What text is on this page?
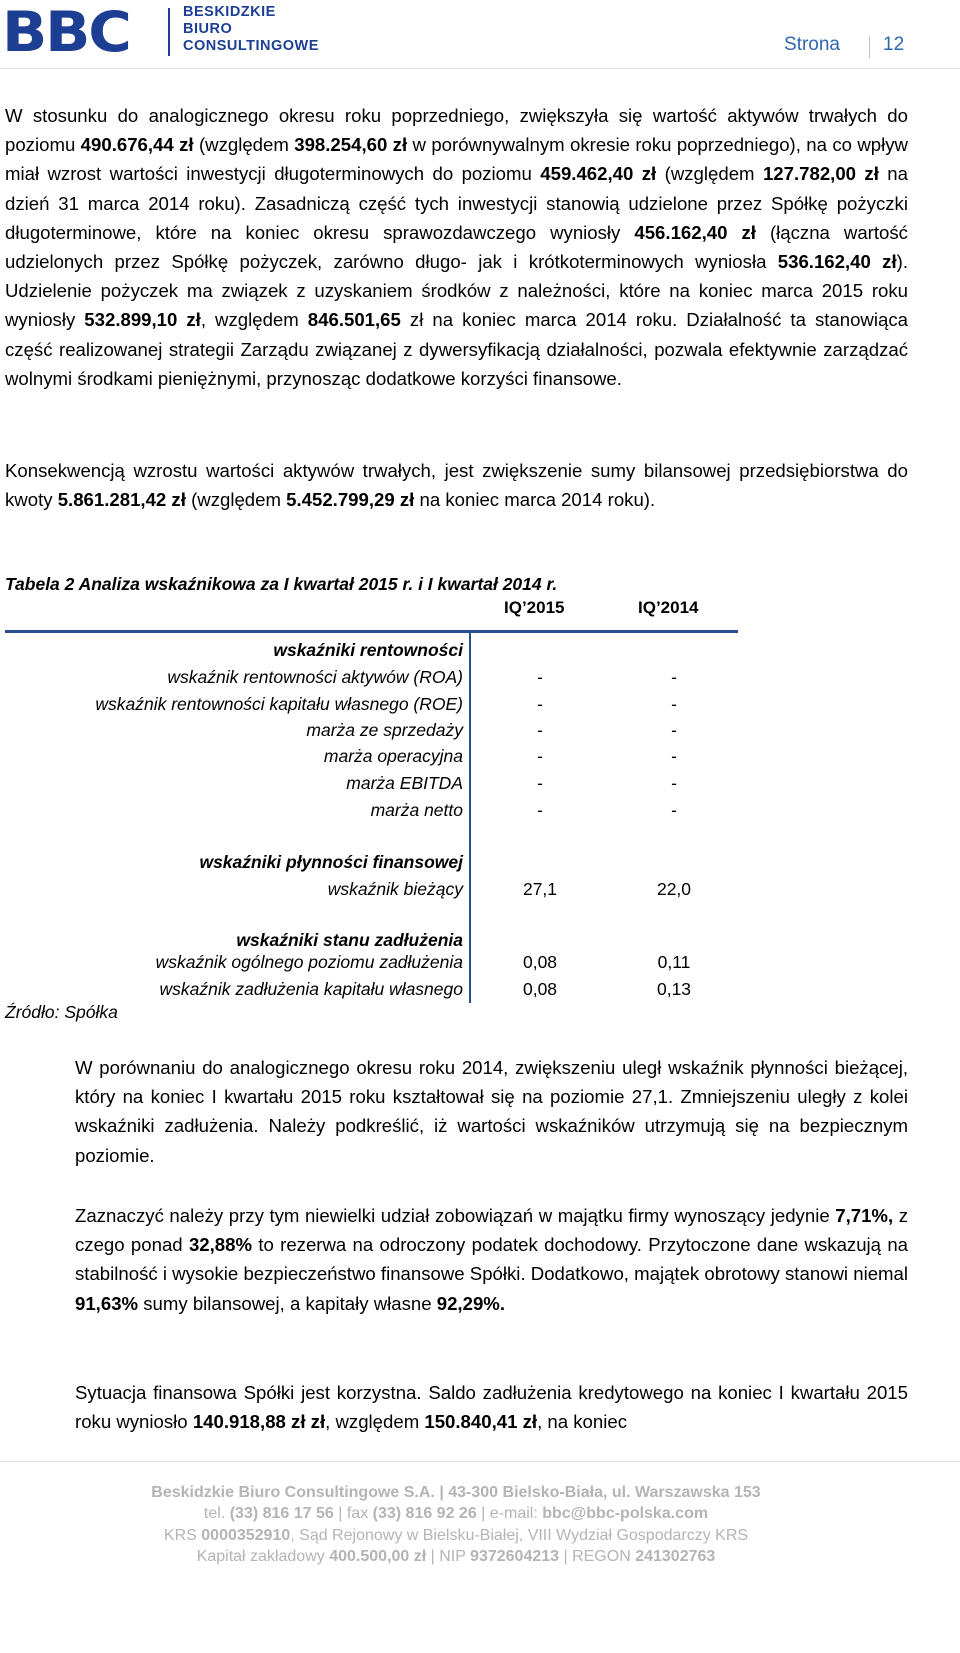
BBC	BESKIDZKIE
BIURO
CONSULTINGOWE	Strona 12
W stosunku do analogicznego okresu roku poprzedniego, zwiększyła się wartość aktywów trwałych do poziomu 490.676,44 zł (względem 398.254,60 zł w porównywalnym okresie roku poprzedniego), na co wpływ miał wzrost wartości inwestycji długoterminowych do poziomu 459.462,40 zł (względem 127.782,00 zł na dzień 31 marca 2014 roku). Zasadniczą część tych inwestycji stanowią udzielone przez Spółkę pożyczki długoterminowe, które na koniec okresu sprawozdawczego wyniosły 456.162,40 zł (łączna wartość udzielonych przez Spółkę pożyczek, zarówno długo- jak i krótkoterminowych wyniosła 536.162,40 zł). Udzielenie pożyczek ma związek z uzyskaniem środków z należności, które na koniec marca 2015 roku wyniosły 532.899,10 zł, względem 846.501,65 zł na koniec marca 2014 roku. Działalność ta stanowiąca część realizowanej strategii Zarządu związanej z dywersyfikacją działalności, pozwala efektywnie zarządzać wolnymi środkami pieniężnymi, przynosząc dodatkowe korzyści finansowe.
Konsekwencją wzrostu wartości aktywów trwałych, jest zwiększenie sumy bilansowej przedsiębiorstwa do kwoty 5.861.281,42 zł (względem 5.452.799,29 zł na koniec marca 2014 roku).
Tabela 2 Analiza wskaźnikowa za I kwartał 2015 r. i I kwartał 2014 r.
IQ’2015	IQ’2014
wskaźniki rentowności
wskaźnik rentowności aktywów (ROA)	-	-
wskaźnik rentowności kapitału własnego (ROE)	-	-
marża ze sprzedaży	-	-
marża operacyjna	-	-
marża EBITDA	-	-
marża netto	-	-
wskaźniki płynności finansowej
wskaźnik bieżący	27,1	22,0
wskaźniki stanu zadłużenia
wskaźnik ogólnego poziomu zadłużenia	0,08	0,11
wskaźnik zadłużenia kapitału własnego	0,08	0,13
Źródło: Spółka
W porównaniu do analogicznego okresu roku 2014, zwiększeniu uległ wskaźnik płynności bieżącej, który na koniec I kwartału 2015 roku kształtował się na poziomie 27,1. Zmniejszeniu uległy z kolei wskaźniki zadłużenia. Należy podkreślić, iż wartości wskaźników utrzymują się na bezpiecznym poziomie.
Zaznaczyć należy przy tym niewielki udział zobowiązań w majątku firmy wynoszący jedynie 7,71%, z czego ponad 32,88% to rezerwa na odroczony podatek dochodowy. Przytoczone dane wskazują na stabilność i wysokie bezpieczeństwo finansowe Spółki. Dodatkowo, majątek obrotowy stanowi niemal 91,63% sumy bilansowej, a kapitały własne 92,29%.
Sytuacja finansowa Spółki jest korzystna. Saldo zadłużenia kredytowego na koniec I kwartału 2015 roku wyniosło 140.918,88 zł zł, względem 150.840,41 zł, na koniec
Beskidzkie Biuro Consultingowe S.A. | 43-300 Bielsko-Biała, ul. Warszawska 153
tel. (33) 816 17 56 | fax (33) 816 92 26 | e-mail: bbc@bbc-polska.com
KRS 0000352910, Sąd Rejonowy w Bielsku-Białej, VIII Wydział Gospodarczy KRS
Kapitał zakładowy 400.500,00 zł | NIP 9372604213 | REGON 241302763
